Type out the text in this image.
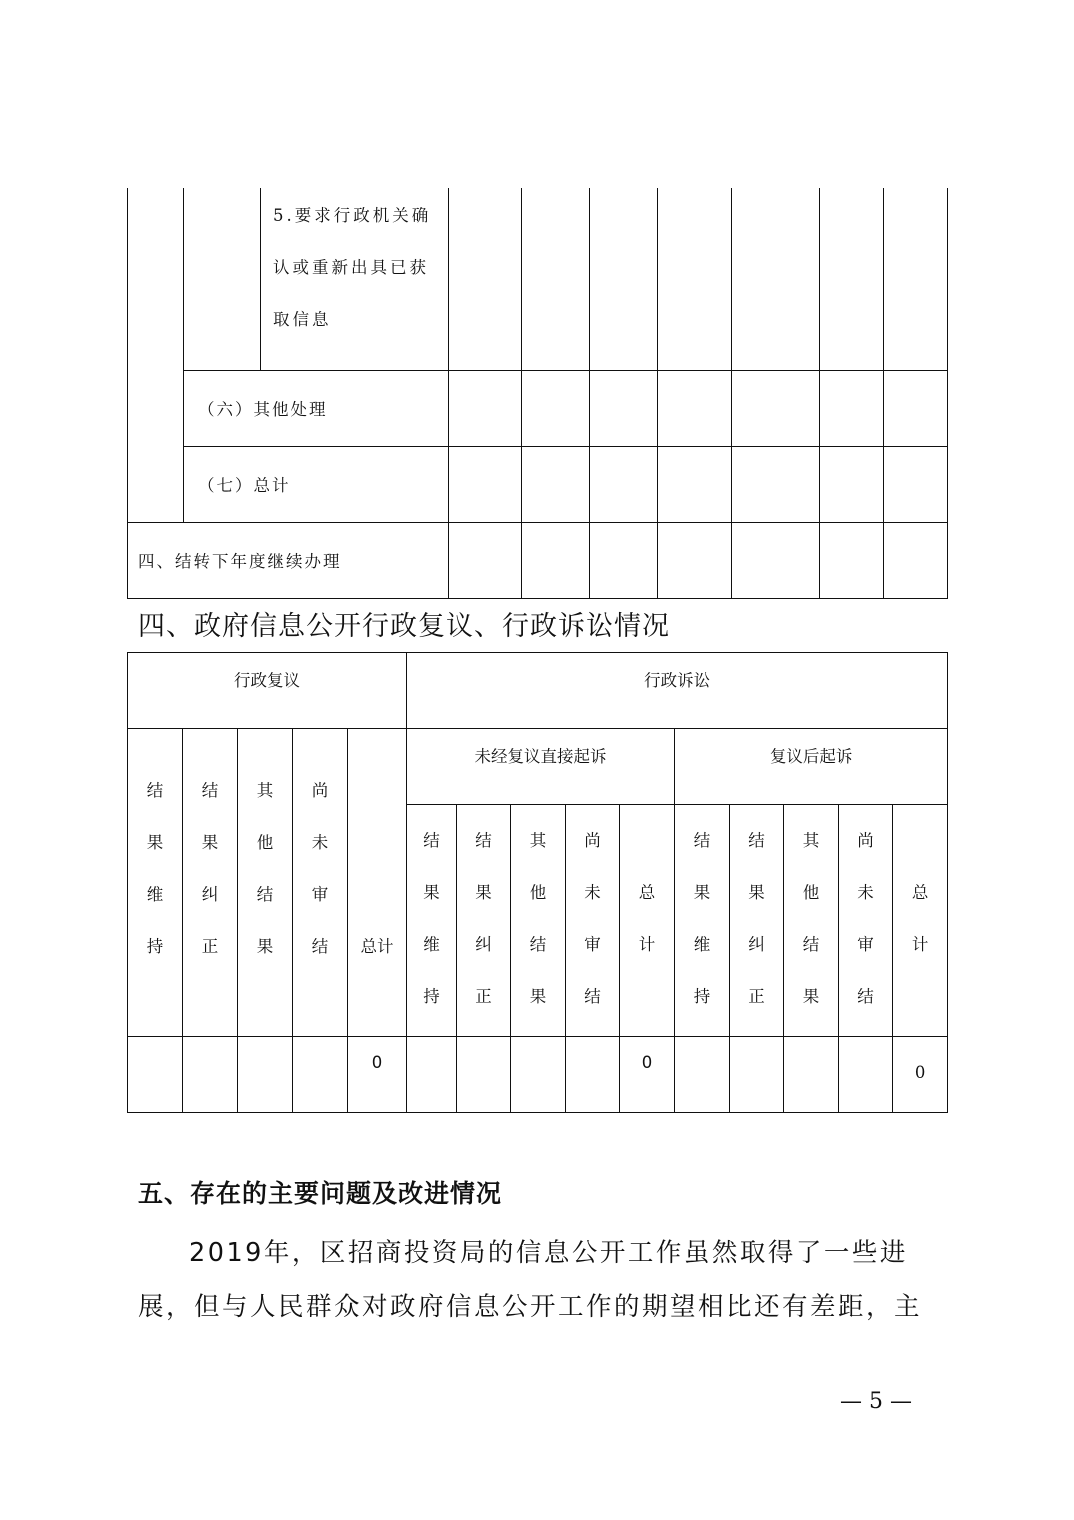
		5.要求行政机关确认或重新出具已获取信息							
	（六）其他处理								
	（七）总计								
四、结转下年度继续办理									
四、政府信息公开行政复议、行政诉讼情况
行政复议					行政诉讼									
结果维持	结果纠正	其他结果	尚未审结	总计	未经复议直接起诉					复议后起诉				
					结果维持	结果纠正	其他结果	尚未审结	总计	结果维持	结果纠正	其他结果	尚未审结	总计
				0					0					0
五、存在的主要问题及改进情况

2019年，区招商投资局的信息公开工作虽然取得了一些进展，但与人民群众对政府信息公开工作的期望相比还有差距，主

— 5 —
